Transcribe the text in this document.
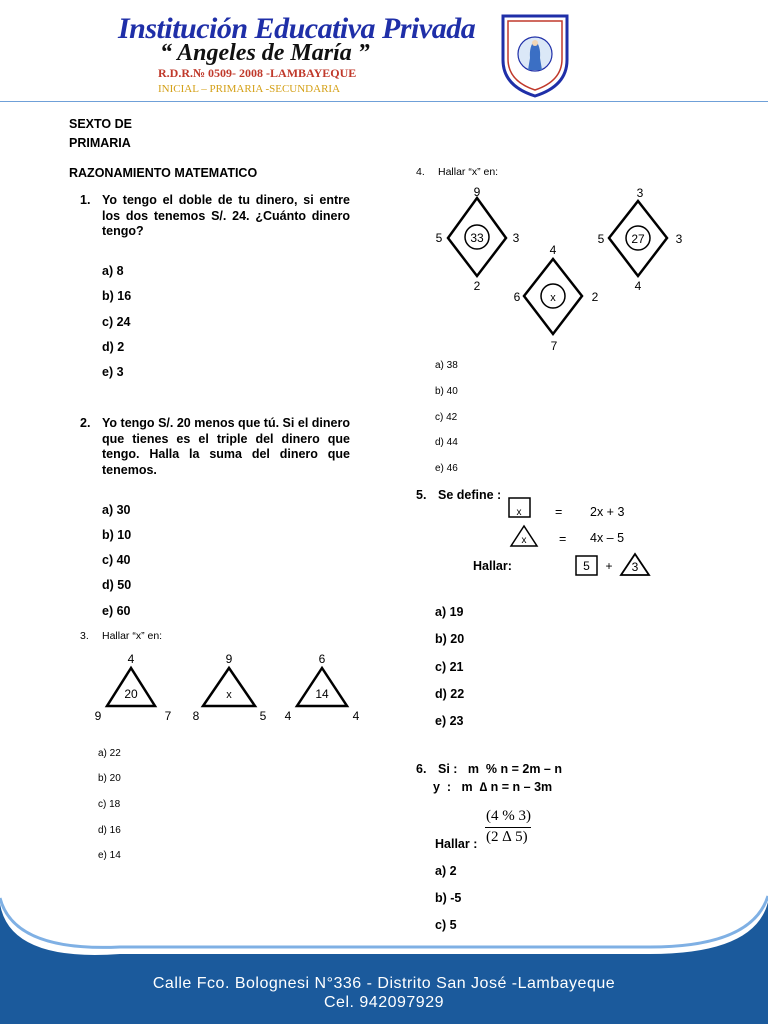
Institución Educativa Privada
“ Angeles de María ”
R.D.R.№ 0509- 2008 -LAMBAYEQUE
INICIAL – PRIMARIA -SECUNDARIA
SEXTO DE
PRIMARIA
RAZONAMIENTO MATEMATICO
1. Yo tengo el doble de tu dinero, si entre los dos tenemos S/. 24. ¿Cuánto dinero tengo?
a) 8
b) 16
c) 24
d) 2
e) 3
2. Yo tengo S/. 20 menos que tú. Si el dinero que tienes es el triple del dinero que tengo. Halla la suma del dinero que tenemos.
a) 30
b) 10
c) 40
d) 50
e) 60
3. Hallar “x” en:
4
9	7
20
9
8	5
x
6
4	4
14
a) 22
b) 20
c) 18
d) 16
e) 14
4. Hallar “x” en:
9
5	3
2
33
4
6	2
7
x
3
5	3
4
27
a) 38
b) 40
c) 42
d) 44
e) 46
5. Se define :
x
x
5 + 3
= 2x + 3
= 4x – 5
Hallar:
a) 19
b) 20
c) 21
d) 22
e) 23
6. Si :   m  % n = 2m – n
y  :   m  ∆ n = n – 3m
(4 % 3)
(2 ∆ 5)
Hallar :
a) 2
b) -5
c) 5
Calle Fco. Bolognesi N°336 - Distrito San José -Lambayeque
Cel. 942097929
